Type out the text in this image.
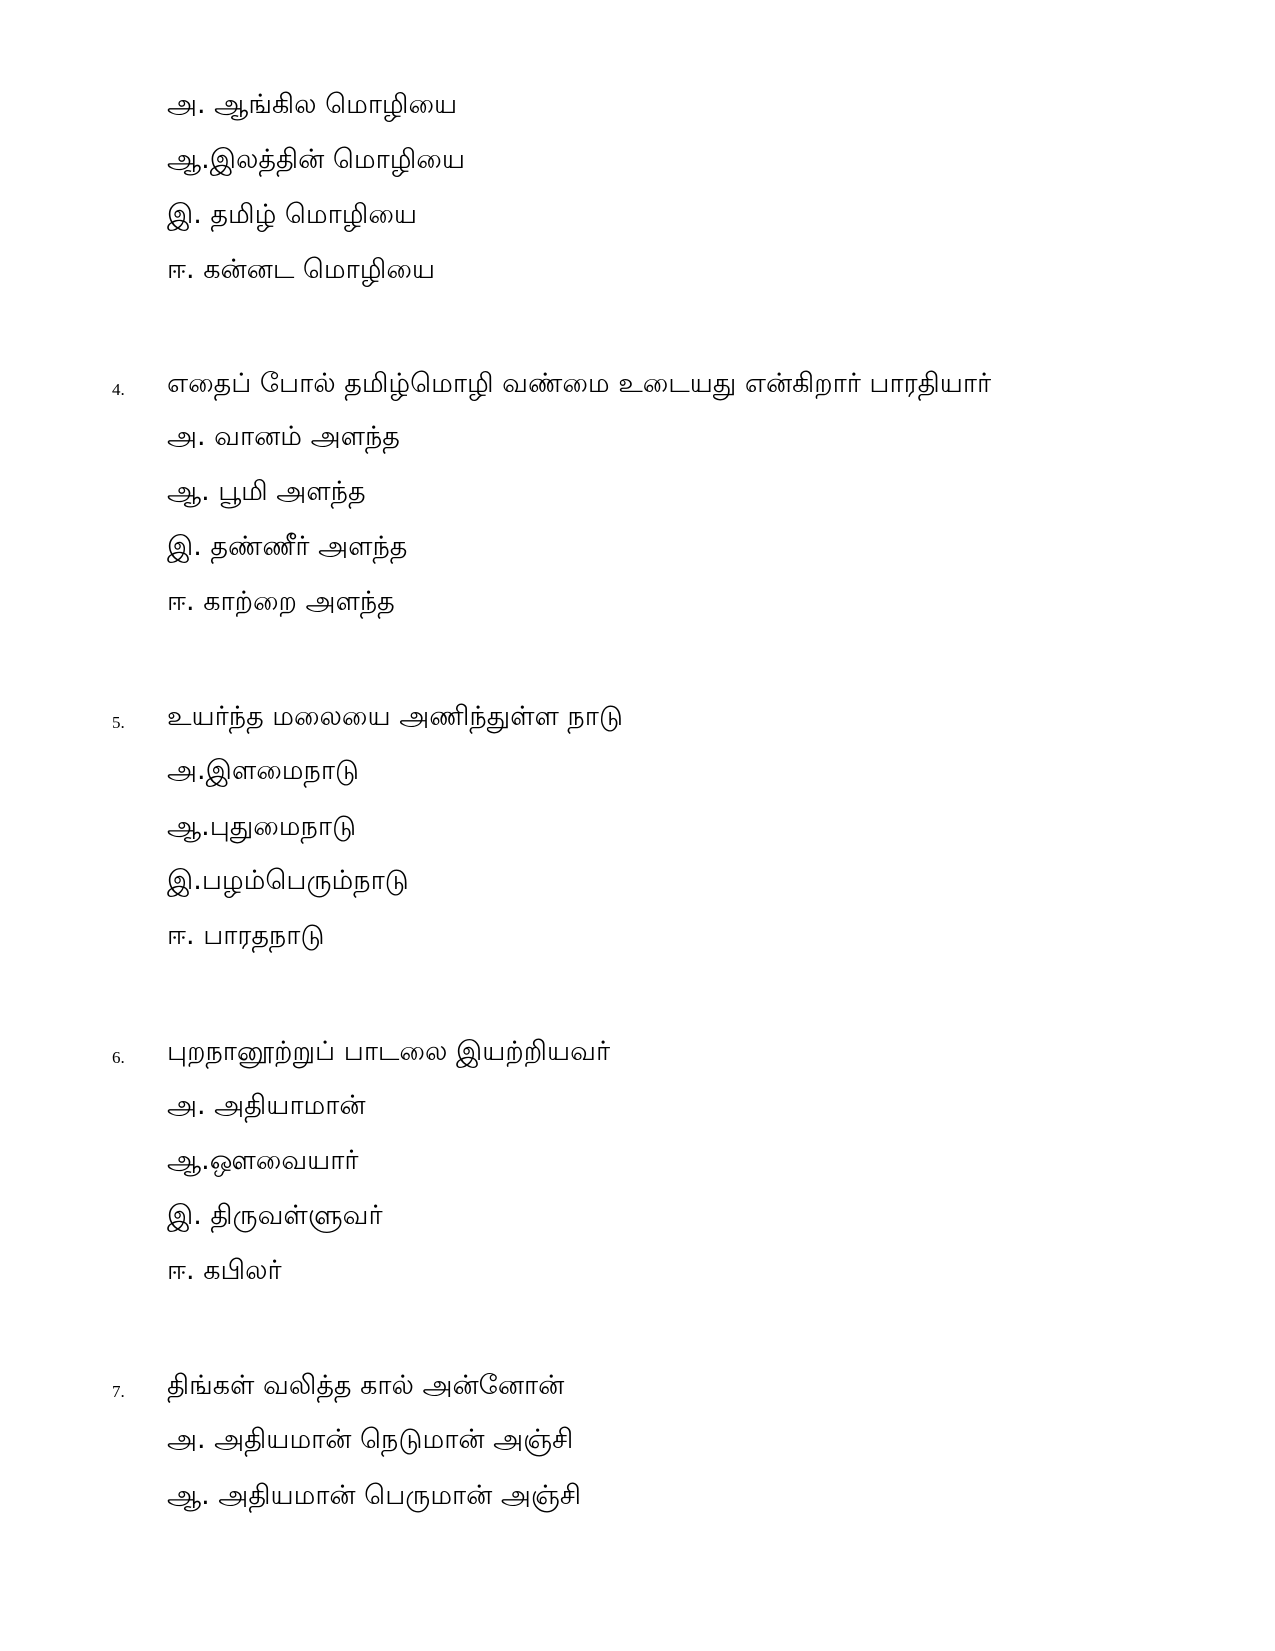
அ. ஆங்கில மொழியை
ஆ.இலத்தின் மொழியை
இ. தமிழ் மொழியை
ஈ. கன்னட மொழியை
4. எதைப் போல் தமிழ்மொழி வண்மை உடையது என்கிறார் பாரதியார்
அ. வானம் அளந்த
ஆ. பூமி அளந்த
இ. தண்ணீர் அளந்த
ஈ. காற்றை அளந்த
5. உயர்ந்த மலையை அணிந்துள்ள நாடு
அ.இளமைநாடு
ஆ.புதுமைநாடு
இ.பழம்பெரும்நாடு
ஈ. பாரதநாடு
6. புறநானூற்றுப் பாடலை இயற்றியவர்
அ. அதியாமான்
ஆ.ஔவையார்
இ. திருவள்ளுவர்
ஈ. கபிலர்
7. திங்கள் வலித்த கால் அன்னோன்
அ. அதியமான் நெடுமான் அஞ்சி
ஆ. அதியமான் பெருமான் அஞ்சி
